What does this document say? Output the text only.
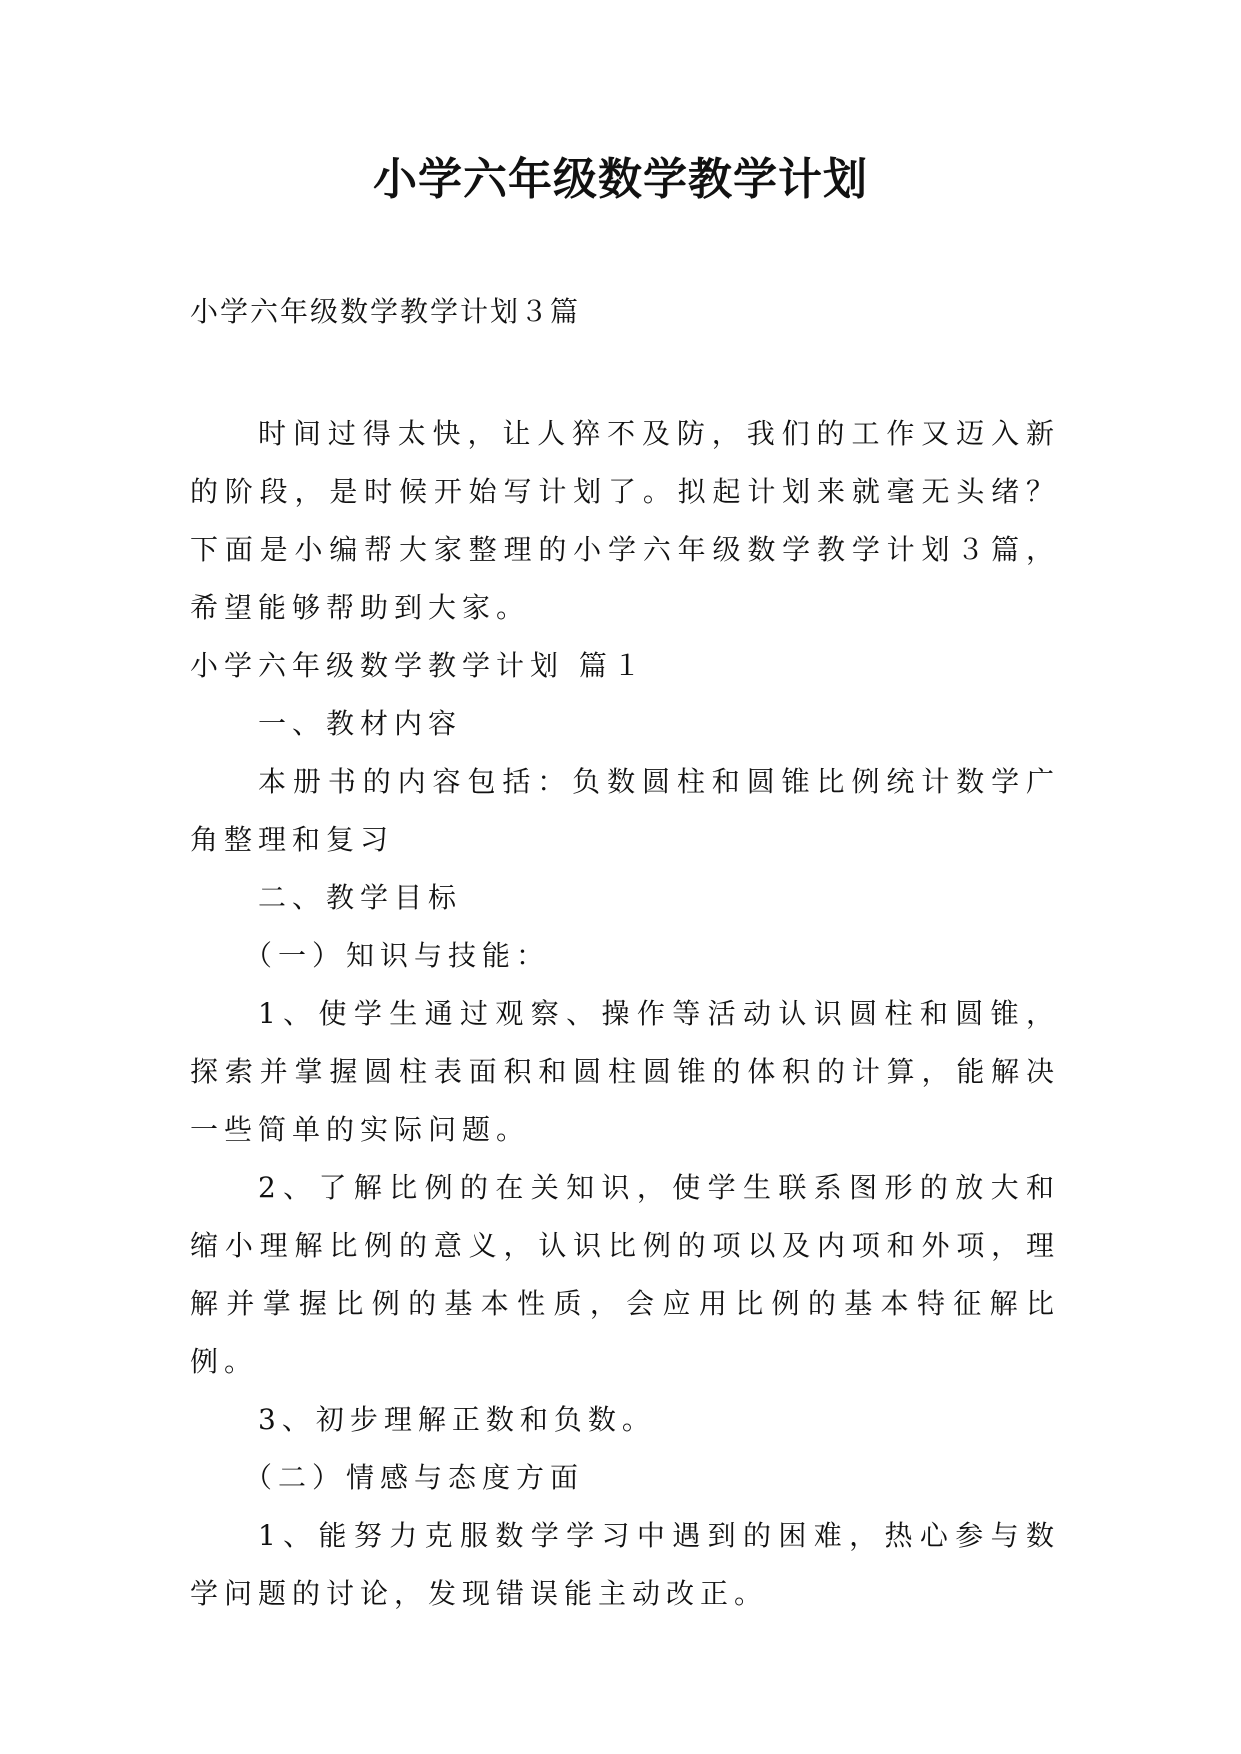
小学六年级数学教学计划
小学六年级数学教学计划３篇

时间过得太快，让人猝不及防，我们的工作又迈入新的阶段，是时候开始写计划了。拟起计划来就毫无头绪？下面是小编帮大家整理的小学六年级数学教学计划３篇，希望能够帮助到大家。

小学六年级数学教学计划 篇１

一、教材内容

本册书的内容包括：负数圆柱和圆锥比例统计数学广角整理和复习

二、教学目标

（一）知识与技能：

1、使学生通过观察、操作等活动认识圆柱和圆锥，探索并掌握圆柱表面积和圆柱圆锥的体积的计算，能解决一些简单的实际问题。

2、了解比例的在关知识，使学生联系图形的放大和缩小理解比例的意义，认识比例的项以及内项和外项，理解并掌握比例的基本性质，会应用比例的基本特征解比例。

3、初步理解正数和负数。

（二）情感与态度方面

1、能努力克服数学学习中遇到的困难，热心参与数学问题的讨论，发现错误能主动改正。
